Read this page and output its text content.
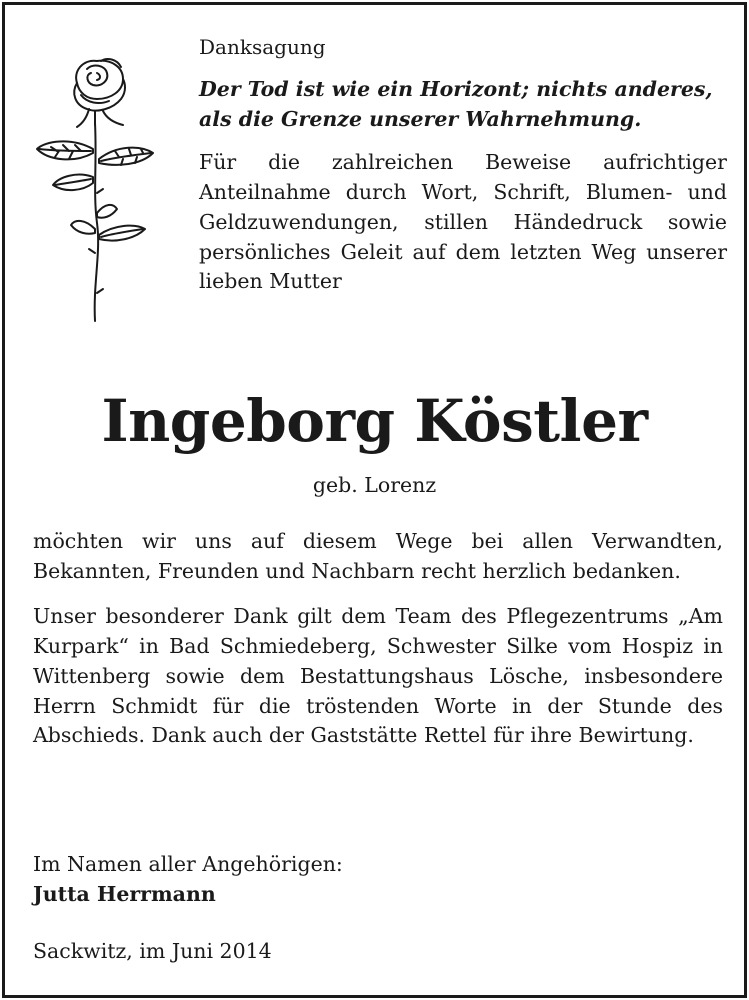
Danksagung

Der Tod ist wie ein Horizont; nichts anderes, als die Grenze unserer Wahrnehmung.

Für die zahlreichen Beweise aufrichtiger Anteilnahme durch Wort, Schrift, Blumen- und Geldzuwendungen, stillen Händedruck sowie persönliches Geleit auf dem letzten Weg unserer lieben Mutter

Ingeborg Köstler

geb. Lorenz

möchten wir uns auf diesem Wege bei allen Verwandten, Bekannten, Freunden und Nachbarn recht herzlich bedanken.

Unser besonderer Dank gilt dem Team des Pflegezentrums „Am Kurpark“ in Bad Schmiedeberg, Schwester Silke vom Hospiz in Wittenberg sowie dem Bestattungshaus Lösche, insbesondere Herrn Schmidt für die tröstenden Worte in der Stunde des Abschieds. Dank auch der Gaststätte Rettel für ihre Bewirtung.

Im Namen aller Angehörigen:
Jutta Herrmann
Sackwitz, im Juni 2014
